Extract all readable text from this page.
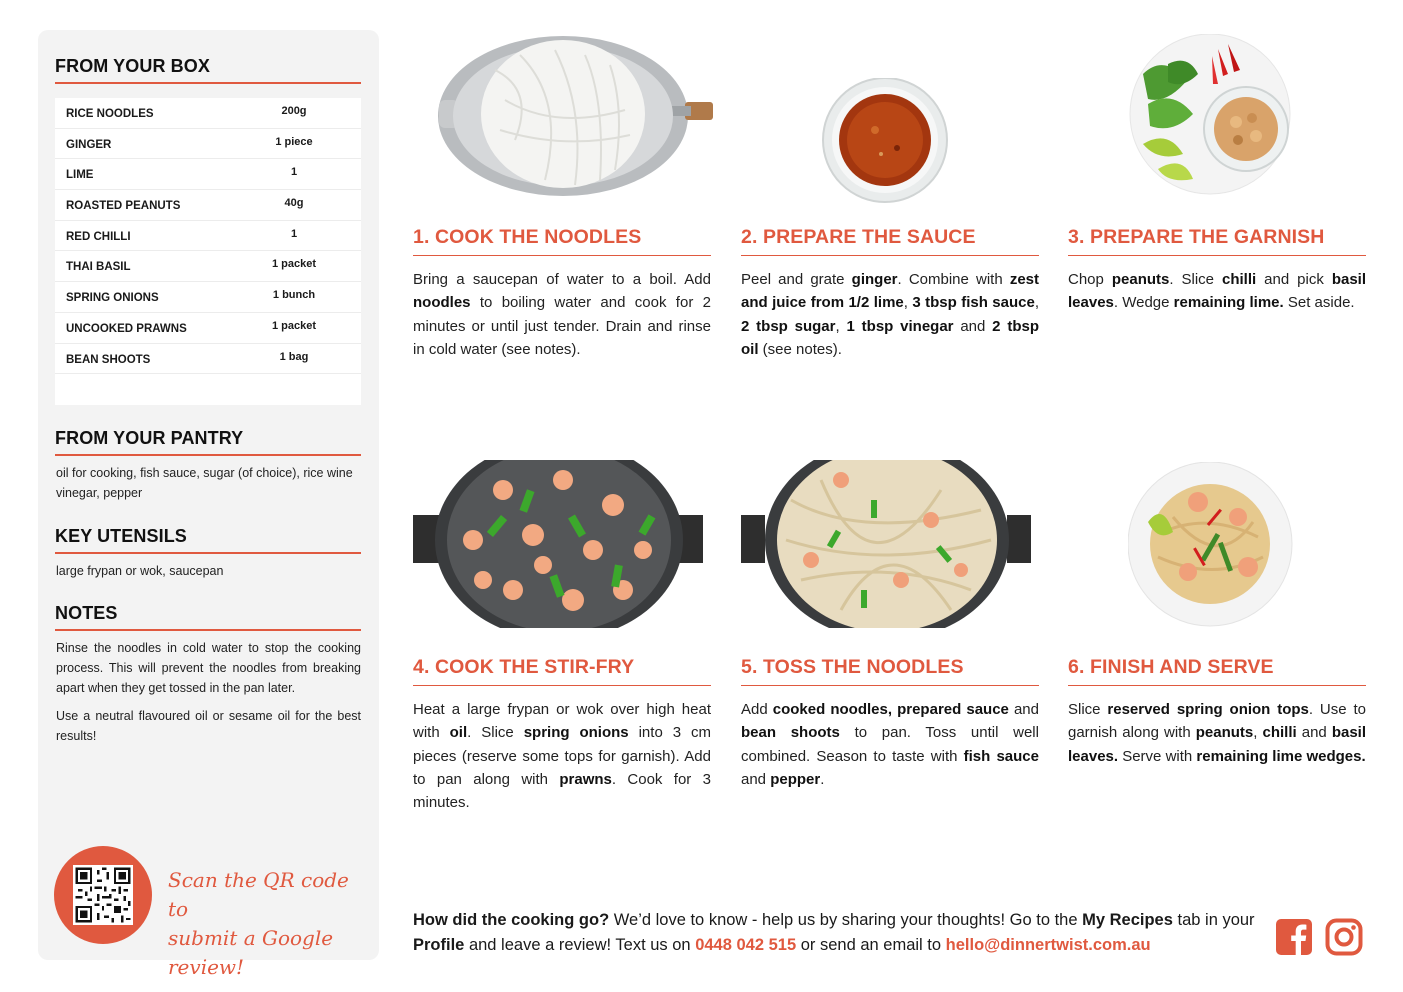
FROM YOUR BOX
RICE NOODLES	200g
GINGER	1 piece
LIME	1
ROASTED PEANUTS	40g
RED CHILLI	1
THAI BASIL	1 packet
SPRING ONIONS	1 bunch
UNCOOKED PRAWNS	1 packet
BEAN SHOOTS	1 bag
FROM YOUR PANTRY
oil for cooking, fish sauce, sugar (of choice), rice wine vinegar, pepper
KEY UTENSILS
large frypan or wok, saucepan
NOTES

Rinse the noodles in cold water to stop the cooking process. This will prevent the noodles from breaking apart when they get tossed in the pan later.

Use a neutral flavoured oil or sesame oil for the best results!

Scan the QR code to
submit a Google review!
1. COOK THE NOODLES
Bring a saucepan of water to a boil. Add noodles to boiling water and cook for 2 minutes or until just tender. Drain and rinse in cold water (see notes).
2. PREPARE THE SAUCE
Peel and grate ginger. Combine with zest and juice from 1/2 lime, 3 tbsp fish sauce, 2 tbsp sugar, 1 tbsp vinegar and 2 tbsp oil (see notes).
3. PREPARE THE GARNISH
Chop peanuts. Slice chilli and pick basil leaves. Wedge remaining lime. Set aside.
4. COOK THE STIR-FRY
Heat a large frypan or wok over high heat with oil. Slice spring onions into 3 cm pieces (reserve some tops for garnish). Add to pan along with prawns. Cook for 3 minutes.
5. TOSS THE NOODLES
Add cooked noodles, prepared sauce and bean shoots to pan. Toss until well combined. Season to taste with fish sauce and pepper.
6. FINISH AND SERVE
Slice reserved spring onion tops. Use to garnish along with peanuts, chilli and basil leaves. Serve with remaining lime wedges.
How did the cooking go? We’d love to know - help us by sharing your thoughts! Go to the My Recipes tab in your Profile and leave a review! Text us on 0448 042 515 or send an email to hello@dinnertwist.com.au
